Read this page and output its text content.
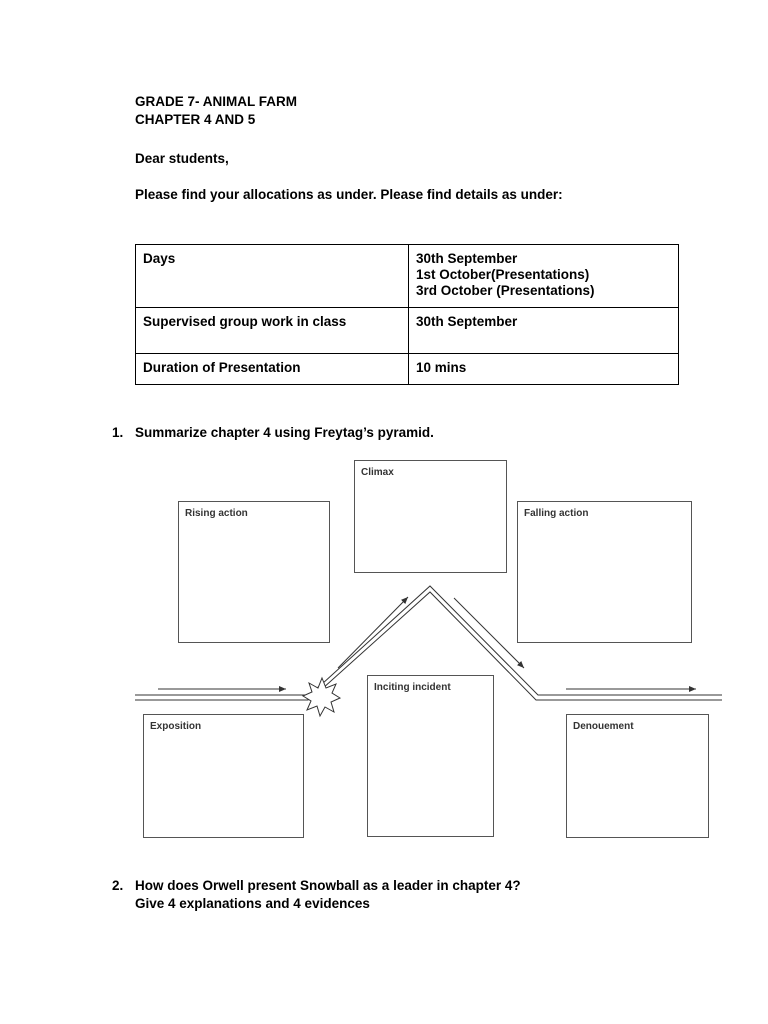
GRADE 7- ANIMAL FARM
CHAPTER 4 AND 5
Dear students,
Please find your allocations as under. Please find details as under:
Days	30th September
1st October(Presentations)
3rd October (Presentations)

Supervised group work in class	30th September

Duration of Presentation	10 mins
1. Summarize chapter 4 using Freytag’s pyramid.
Climax
Rising action	Falling action
Exposition
Inciting incident
Denouement
2. How does Orwell present Snowball as a leader in chapter 4?
Give 4 explanations and 4 evidences
